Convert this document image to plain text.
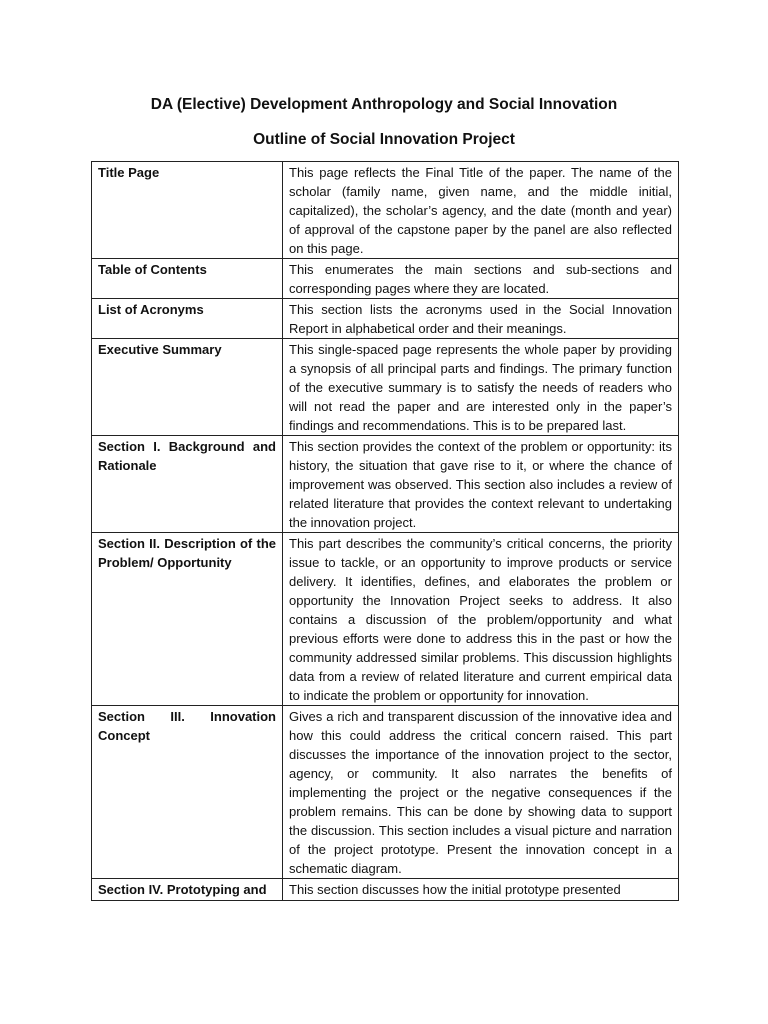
DA (Elective) Development Anthropology and Social Innovation
Outline of Social Innovation Project
Title Page	This page reflects the Final Title of the paper. The name of the scholar (family name, given name, and the middle initial, capitalized), the scholar’s agency, and the date (month and year) of approval of the capstone paper by the panel are also reflected on this page.
Table of Contents	This enumerates the main sections and sub-sections and corresponding pages where they are located.
List of Acronyms	This section lists the acronyms used in the Social Innovation Report in alphabetical order and their meanings.
Executive Summary	This single-spaced page represents the whole paper by providing a synopsis of all principal parts and findings. The primary function of the executive summary is to satisfy the needs of readers who will not read the paper and are interested only in the paper’s findings and recommendations. This is to be prepared last.
Section I. Background and Rationale	This section provides the context of the problem or opportunity: its history, the situation that gave rise to it, or where the chance of improvement was observed. This section also includes a review of related literature that provides the context relevant to undertaking the innovation project.
Section II. Description of the Problem/ Opportunity	This part describes the community’s critical concerns, the priority issue to tackle, or an opportunity to improve products or service delivery. It identifies, defines, and elaborates the problem or opportunity the Innovation Project seeks to address. It also contains a discussion of the problem/opportunity and what previous efforts were done to address this in the past or how the community addressed similar problems. This discussion highlights data from a review of related literature and current empirical data to indicate the problem or opportunity for innovation.
Section III. Innovation Concept	Gives a rich and transparent discussion of the innovative idea and how this could address the critical concern raised. This part discusses the importance of the innovation project to the sector, agency, or community. It also narrates the benefits of implementing the project or the negative consequences if the problem remains. This can be done by showing data to support the discussion. This section includes a visual picture and narration of the project prototype. Present the innovation concept in a schematic diagram.
Section IV. Prototyping and	This section discusses how the initial prototype presented
